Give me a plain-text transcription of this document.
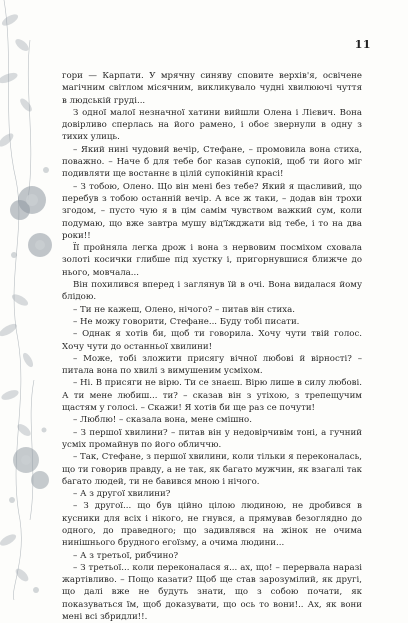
11

гори — Карпати. У мрячну синяву сповите верхів'я, освічене магічним світлом місячним, викликувало чудні хвилюючі чуття в людській груді...

З одної малої незначної хатини вийшли Олена і Лієвич. Вона довірливо сперлась на його рамено, і обоє звернули в одну з тихих улиць.

– Який нині чудовий вечір, Стефане, – промовила вона стиха, поважно. – Наче б для тебе бог казав супокій, щоб ти його міг подивляти ще востаннє в цілій супокійній красі!

– З тобою, Олено. Що він мені без тебе? Який я щасливий, що перебув з тобою останній вечір. А все ж таки, – додав він трохи згодом, – пусто чую я в цім самім чувством важкий сум, коли подумаю, що вже завтра мушу від'їжджати від тебе, і то на два роки!!

Її пройняла легка дрож і вона з нервовим посміхом сховала золоті косички глибше під хустку і, пригорнувшися ближче до нього, мовчала...

Він похилився вперед і заглянув їй в очі. Вона видалася йому блідою.

– Ти не кажеш, Олено, нічого? – питав він стиха.

– Не можу говорити, Стефане... Буду тобі писати.

– Однак я хотів би, щоб ти говорила. Хочу чути твій голос. Хочу чути до останньої хвилини!

– Може, тобі зложити присягу вічної любові й вірності? – питала вона по хвилі з вимушеним усміхом.

– Ні. В присяги не вірю. Ти се знаєш. Вірю лише в силу любові. А ти мене любиш... ти? – сказав він з утіхою, з трепещучим щастям у голосі. – Скажи! Я хотів би ще раз се почути!

– Люблю! – сказала вона, мене смішно.

– З першої хвилини? – питав він у недовірчивім тоні, а гучний усміх промайнув по його обличчю.

– Так, Стефане, з першої хвилини, коли тільки я переконалась, що ти говорив правду, а не так, як багато мужчин, як взагалі так багато людей, ти не бавився мною і нічого.

– А з другої хвилини?

– З другої... що був ційно цілою людиною, не дробився в кусники для всіх і нікого, не гнувся, а прямував безоглядно до одного, до праведного; що задивлявся на жінок не очима нинішнього брудного егоїзму, а очима людини...

– А з третьої, рибчино?

– З третьої... коли переконалася я... ах, що! – перервала наразі жартівливо. – Пощо казати? Щоб ще став зарозумілий, як другі, що далі вже не будуть знати, що з собою почати, як показуваться їм, щоб доказувати, що ось то вони!.. Ах, як вони мені всі збридли!!.
